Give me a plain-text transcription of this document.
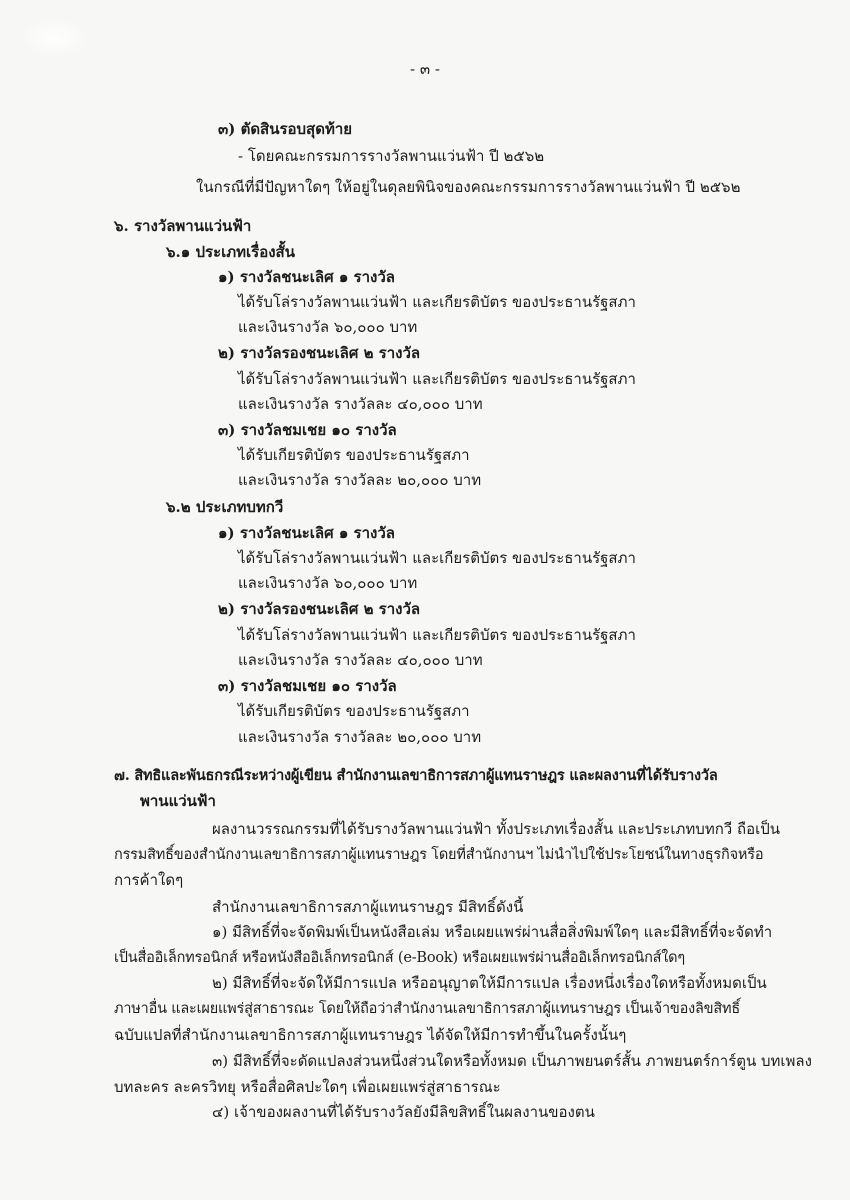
- ๓ -
๓) ตัดสินรอบสุดท้าย
- โดยคณะกรรมการรางวัลพานแว่นฟ้า ปี ๒๕๖๒
ในกรณีที่มีปัญหาใดๆ ให้อยู่ในดุลยพินิจของคณะกรรมการรางวัลพานแว่นฟ้า ปี ๒๕๖๒
๖. รางวัลพานแว่นฟ้า
๖.๑ ประเภทเรื่องสั้น
๑) รางวัลชนะเลิศ ๑ รางวัล
ได้รับโล่รางวัลพานแว่นฟ้า และเกียรติบัตร ของประธานรัฐสภา
และเงินรางวัล ๖๐,๐๐๐ บาท
๒) รางวัลรองชนะเลิศ ๒ รางวัล
ได้รับโล่รางวัลพานแว่นฟ้า และเกียรติบัตร ของประธานรัฐสภา
และเงินรางวัล รางวัลละ ๔๐,๐๐๐ บาท
๓) รางวัลชมเชย ๑๐ รางวัล
ได้รับเกียรติบัตร ของประธานรัฐสภา
และเงินรางวัล รางวัลละ ๒๐,๐๐๐ บาท
๖.๒ ประเภทบทกวี
๑) รางวัลชนะเลิศ ๑ รางวัล
ได้รับโล่รางวัลพานแว่นฟ้า และเกียรติบัตร ของประธานรัฐสภา
และเงินรางวัล ๖๐,๐๐๐ บาท
๒) รางวัลรองชนะเลิศ ๒ รางวัล
ได้รับโล่รางวัลพานแว่นฟ้า และเกียรติบัตร ของประธานรัฐสภา
และเงินรางวัล รางวัลละ ๔๐,๐๐๐ บาท
๓) รางวัลชมเชย ๑๐ รางวัล
ได้รับเกียรติบัตร ของประธานรัฐสภา
และเงินรางวัล รางวัลละ ๒๐,๐๐๐ บาท
๗. สิทธิและพันธกรณีระหว่างผู้เขียน สำนักงานเลขาธิการสภาผู้แทนราษฎร และผลงานที่ได้รับรางวัล
พานแว่นฟ้า
ผลงานวรรณกรรมที่ได้รับรางวัลพานแว่นฟ้า ทั้งประเภทเรื่องสั้น และประเภทบทกวี ถือเป็น
กรรมสิทธิ์ของสำนักงานเลขาธิการสภาผู้แทนราษฎร โดยที่สำนักงานฯ ไม่นำไปใช้ประโยชน์ในทางธุรกิจหรือ
การค้าใดๆ
สำนักงานเลขาธิการสภาผู้แทนราษฎร มีสิทธิ์ดังนี้
๑) มีสิทธิ์ที่จะจัดพิมพ์เป็นหนังสือเล่ม หรือเผยแพร่ผ่านสื่อสิ่งพิมพ์ใดๆ และมีสิทธิ์ที่จะจัดทำ
เป็นสื่ออิเล็กทรอนิกส์ หรือหนังสืออิเล็กทรอนิกส์ (e-Book) หรือเผยแพร่ผ่านสื่ออิเล็กทรอนิกส์ใดๆ
๒) มีสิทธิ์ที่จะจัดให้มีการแปล หรืออนุญาตให้มีการแปล เรื่องหนึ่งเรื่องใดหรือทั้งหมดเป็น
ภาษาอื่น และเผยแพร่สู่สาธารณะ โดยให้ถือว่าสำนักงานเลขาธิการสภาผู้แทนราษฎร เป็นเจ้าของลิขสิทธิ์
ฉบับแปลที่สำนักงานเลขาธิการสภาผู้แทนราษฎร ได้จัดให้มีการทำขึ้นในครั้งนั้นๆ
๓) มีสิทธิ์ที่จะดัดแปลงส่วนหนึ่งส่วนใดหรือทั้งหมด เป็นภาพยนตร์สั้น ภาพยนตร์การ์ตูน บทเพลง
บทละคร ละครวิทยุ หรือสื่อศิลปะใดๆ เพื่อเผยแพร่สู่สาธารณะ
๔) เจ้าของผลงานที่ได้รับรางวัลยังมีลิขสิทธิ์ในผลงานของตน
